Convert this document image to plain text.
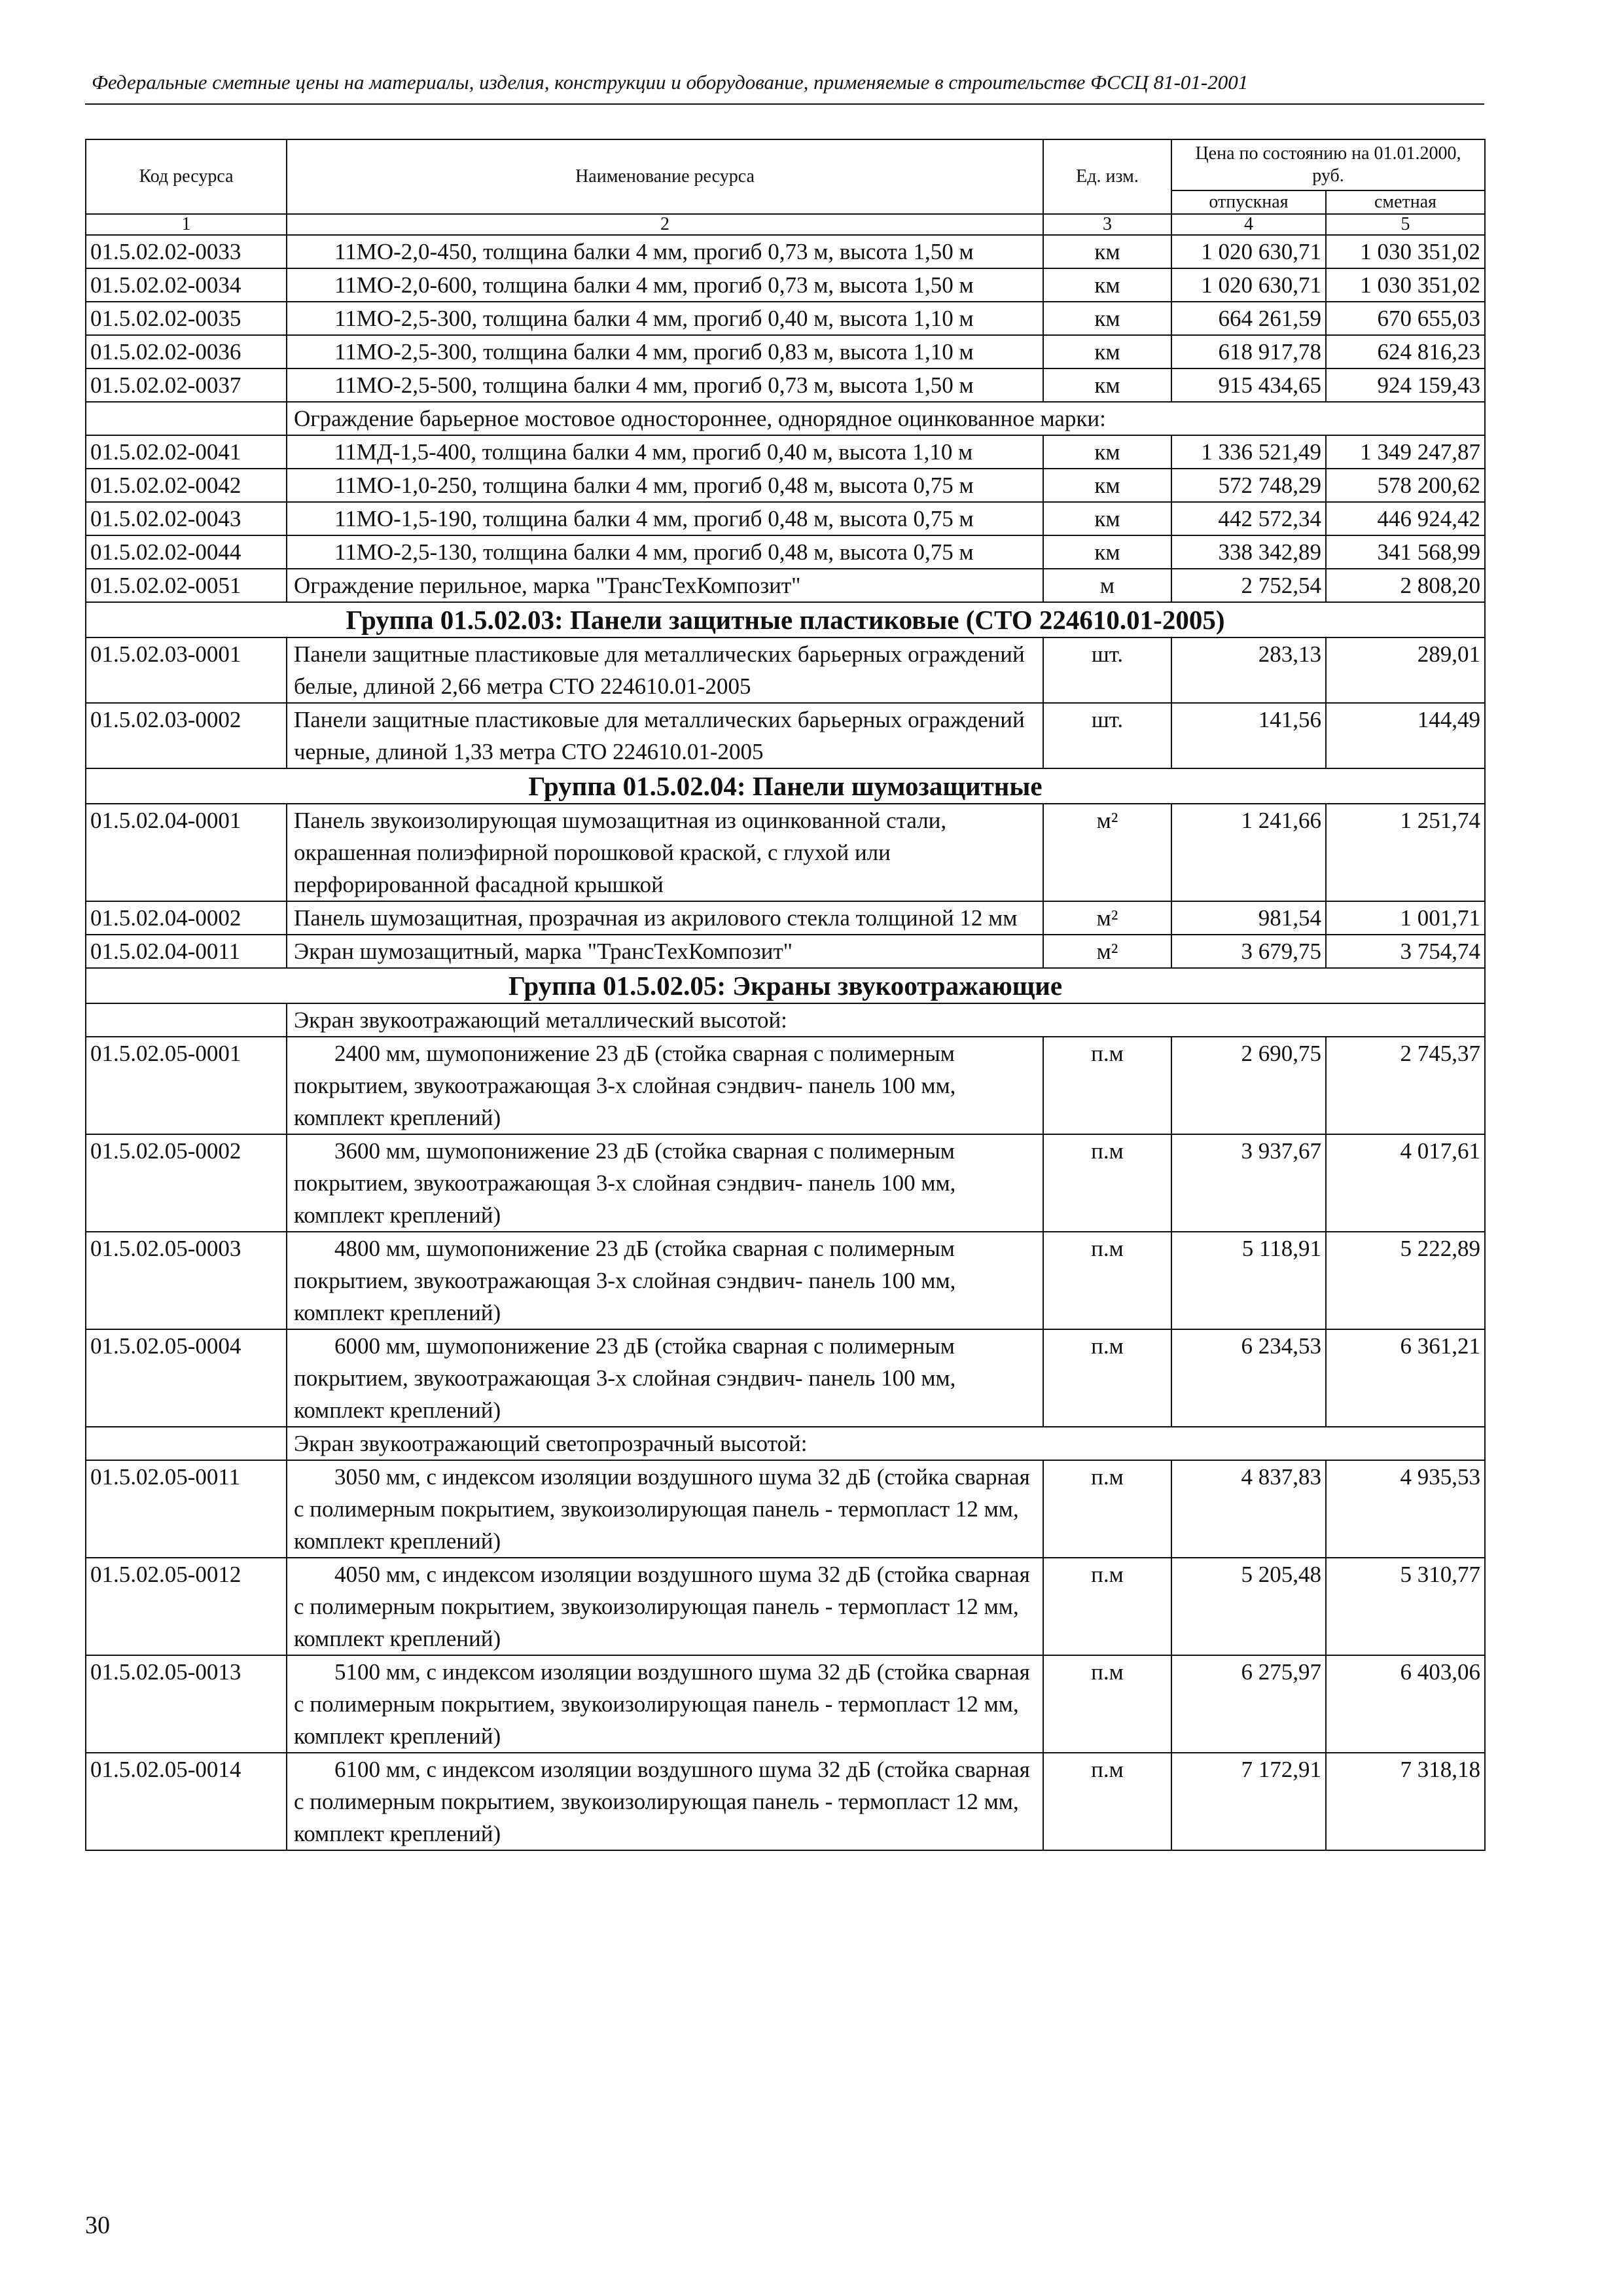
Федеральные сметные цены на материалы, изделия, конструкции и оборудование, применяемые в строительстве ФССЦ 81-01-2001
Код ресурса	Наименование ресурса	Ед. изм.	Цена по состоянию на 01.01.2000, руб.	
			отпускная	сметная
1	2	3	4	5
01.5.02.02-0033	11МО-2,0-450, толщина балки 4 мм, прогиб 0,73 м, высота 1,50 м	км	1 020 630,71	1 030 351,02
01.5.02.02-0034	11МО-2,0-600, толщина балки 4 мм, прогиб 0,73 м, высота 1,50 м	км	1 020 630,71	1 030 351,02
01.5.02.02-0035	11МО-2,5-300, толщина балки 4 мм, прогиб 0,40 м, высота 1,10 м	км	664 261,59	670 655,03
01.5.02.02-0036	11МО-2,5-300, толщина балки 4 мм, прогиб 0,83 м, высота 1,10 м	км	618 917,78	624 816,23
01.5.02.02-0037	11МО-2,5-500, толщина балки 4 мм, прогиб 0,73 м, высота 1,50 м	км	915 434,65	924 159,43
	Ограждение барьерное мостовое одностороннее, однорядное оцинкованное марки:			
01.5.02.02-0041	11МД-1,5-400, толщина балки 4 мм, прогиб 0,40 м, высота 1,10 м	км	1 336 521,49	1 349 247,87
01.5.02.02-0042	11МО-1,0-250, толщина балки 4 мм, прогиб 0,48 м, высота 0,75 м	км	572 748,29	578 200,62
01.5.02.02-0043	11МО-1,5-190, толщина балки 4 мм, прогиб 0,48 м, высота 0,75 м	км	442 572,34	446 924,42
01.5.02.02-0044	11МО-2,5-130, толщина балки 4 мм, прогиб 0,48 м, высота 0,75 м	км	338 342,89	341 568,99
01.5.02.02-0051	Ограждение перильное, марка "ТрансТехКомпозит"	м	2 752,54	2 808,20
Группа 01.5.02.03: Панели защитные пластиковые (СТО 224610.01-2005)				
01.5.02.03-0001	Панели защитные пластиковые для металлических барьерных ограждений белые, длиной 2,66 метра СТО 224610.01-2005	шт.	283,13	289,01
01.5.02.03-0002	Панели защитные пластиковые для металлических барьерных ограждений черные, длиной 1,33 метра СТО 224610.01-2005	шт.	141,56	144,49
Группа 01.5.02.04: Панели шумозащитные				
01.5.02.04-0001	Панель звукоизолирующая шумозащитная из оцинкованной стали, окрашенная полиэфирной порошковой краской, с глухой или перфорированной фасадной крышкой	м²	1 241,66	1 251,74
01.5.02.04-0002	Панель шумозащитная, прозрачная из акрилового стекла толщиной 12 мм	м²	981,54	1 001,71
01.5.02.04-0011	Экран шумозащитный, марка "ТрансТехКомпозит"	м²	3 679,75	3 754,74
Группа 01.5.02.05: Экраны звукоотражающие				
	Экран звукоотражающий металлический высотой:			
01.5.02.05-0001	2400 мм, шумопонижение 23 дБ (стойка сварная с полимерным покрытием, звукоотражающая 3-х слойная сэндвич- панель 100 мм, комплект креплений)	п.м	2 690,75	2 745,37
01.5.02.05-0002	3600 мм, шумопонижение 23 дБ (стойка сварная с полимерным покрытием, звукоотражающая 3-х слойная сэндвич- панель 100 мм, комплект креплений)	п.м	3 937,67	4 017,61
01.5.02.05-0003	4800 мм, шумопонижение 23 дБ (стойка сварная с полимерным покрытием, звукоотражающая 3-х слойная сэндвич- панель 100 мм, комплект креплений)	п.м	5 118,91	5 222,89
01.5.02.05-0004	6000 мм, шумопонижение 23 дБ (стойка сварная с полимерным покрытием, звукоотражающая 3-х слойная сэндвич- панель 100 мм, комплект креплений)	п.м	6 234,53	6 361,21
	Экран звукоотражающий светопрозрачный высотой:			
01.5.02.05-0011	3050 мм, с индексом изоляции воздушного шума 32 дБ (стойка сварная с полимерным покрытием, звукоизолирующая панель - термопласт 12 мм, комплект креплений)	п.м	4 837,83	4 935,53
01.5.02.05-0012	4050 мм, с индексом изоляции воздушного шума 32 дБ (стойка сварная с полимерным покрытием, звукоизолирующая панель - термопласт 12 мм, комплект креплений)	п.м	5 205,48	5 310,77
01.5.02.05-0013	5100 мм, с индексом изоляции воздушного шума 32 дБ (стойка сварная с полимерным покрытием, звукоизолирующая панель - термопласт 12 мм, комплект креплений)	п.м	6 275,97	6 403,06
01.5.02.05-0014	6100 мм, с индексом изоляции воздушного шума 32 дБ (стойка сварная с полимерным покрытием, звукоизолирующая панель - термопласт 12 мм, комплект креплений)	п.м	7 172,91	7 318,18
30
